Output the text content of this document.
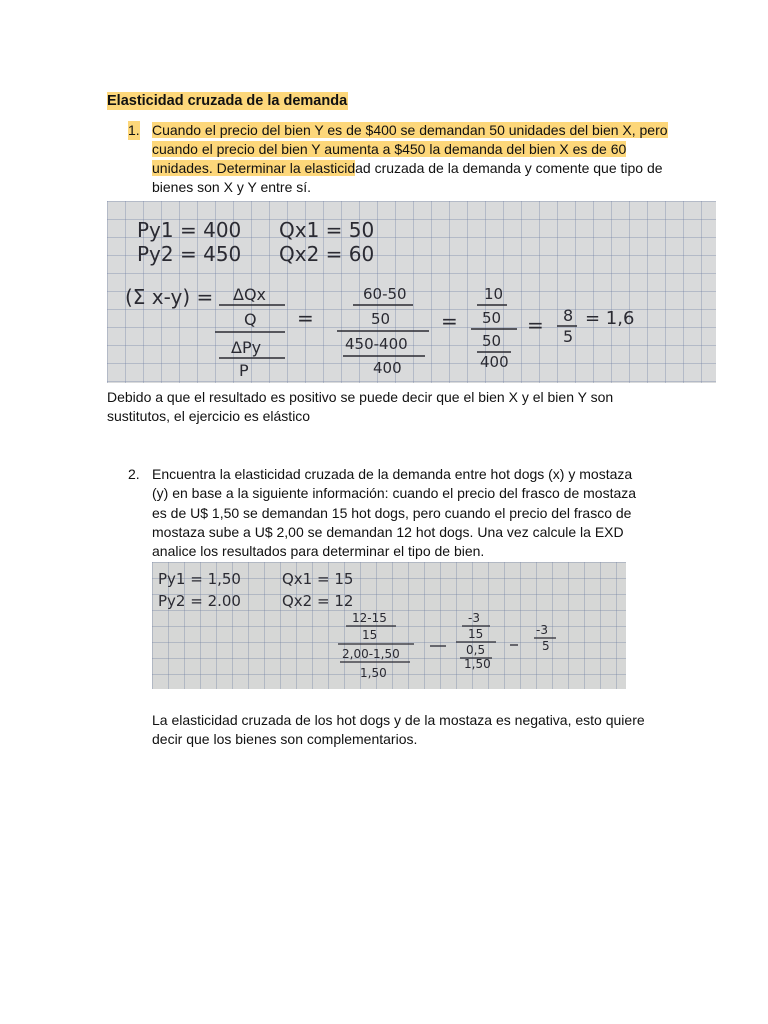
Elasticidad cruzada de la demanda
1. Cuando el precio del bien Y es de $400 se demandan 50 unidades del bien X, pero cuando el precio del bien Y aumenta a $450 la demanda del bien X es de 60 unidades. Determinar la elasticidad cruzada de la demanda y comente que tipo de bienes son X y Y entre sí.
Py1 = 400
Py2 = 450
Qx1 = 50
Qx2 = 60
(Σ x-y) = ΔQx
Q
ΔPy
P
=
60-50
50
450-400
400
=
10
50
50
400
= 8
5
= 1,6
Debido a que el resultado es positivo se puede decir que el bien X y el bien Y son sustitutos, el ejercicio es elástico
2. Encuentra la elasticidad cruzada de la demanda entre hot dogs (x) y mostaza (y) en base a la siguiente información: cuando el precio del frasco de mostaza es de U$ 1,50 se demandan 15 hot dogs, pero cuando el precio del frasco de mostaza sube a U$ 2,00 se demandan 12 hot dogs. Una vez calcule la EXD analice los resultados para determinar el tipo de bien.
Py1 = 1,50
Py2 = 2.00
Qx1 = 15
Qx2 = 12
12-15
15
2,00-1,50
1,50
-3
15
0,5
1,50
-3
5
La elasticidad cruzada de los hot dogs y de la mostaza es negativa, esto quiere decir que los bienes son complementarios.
